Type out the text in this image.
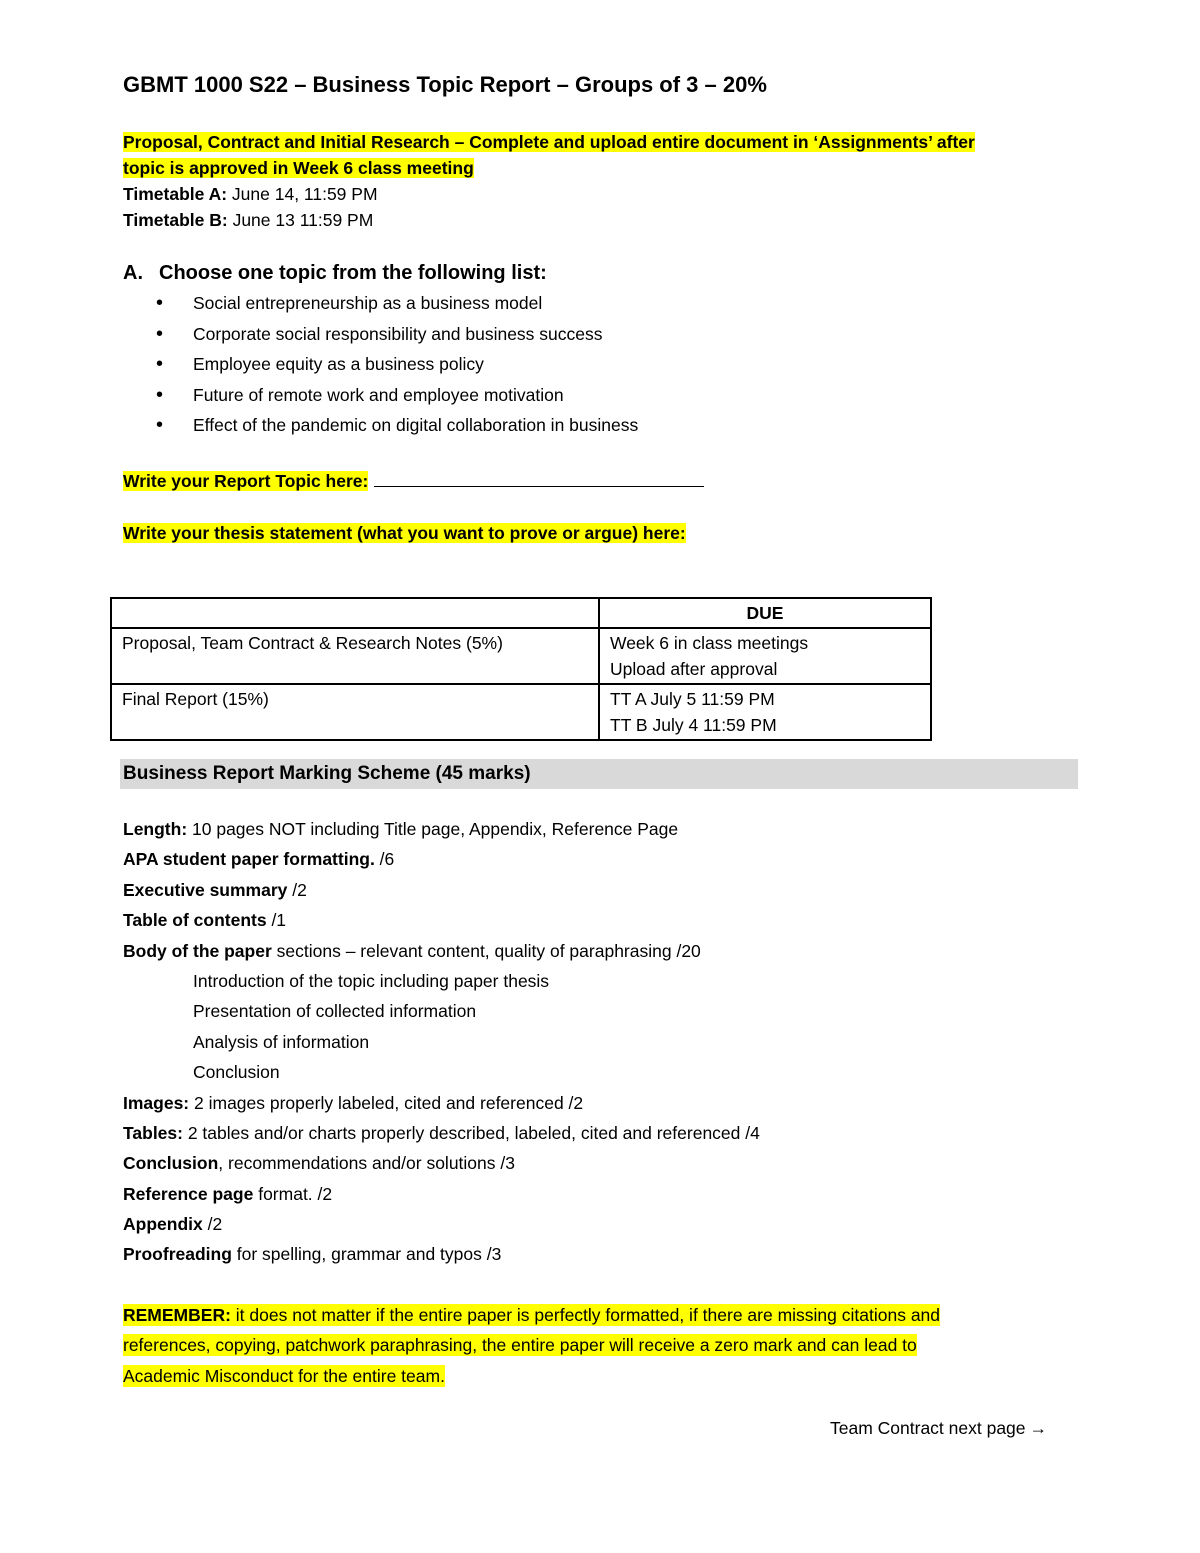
GBMT 1000 S22 – Business Topic Report – Groups of 3 – 20%
Proposal, Contract and Initial Research – Complete and upload entire document in ‘Assignments’ after
topic is approved in Week 6 class meeting
Timetable A: June 14, 11:59 PM
Timetable B: June 13 11:59 PM
A. Choose one topic from the following list:
• Social entrepreneurship as a business model
• Corporate social responsibility and business success
• Employee equity as a business policy
• Future of remote work and employee motivation
• Effect of the pandemic on digital collaboration in business
Write your Report Topic here:
Write your thesis statement (what you want to prove or argue) here:
	DUE
Proposal, Team Contract & Research Notes (5%)	Week 6 in class meetings
Upload after approval

Final Report (15%)	TT A July 5 11:59 PM
TT B July 4 11:59 PM
Business Report Marking Scheme (45 marks)
Length: 10 pages NOT including Title page, Appendix, Reference Page
APA student paper formatting. /6
Executive summary /2
Table of contents /1
Body of the paper sections – relevant content, quality of paraphrasing /20
Introduction of the topic including paper thesis
Presentation of collected information
Analysis of information
Conclusion
Images: 2 images properly labeled, cited and referenced /2
Tables: 2 tables and/or charts properly described, labeled, cited and referenced /4
Conclusion, recommendations and/or solutions /3
Reference page format. /2
Appendix /2
Proofreading for spelling, grammar and typos /3
REMEMBER: it does not matter if the entire paper is perfectly formatted, if there are missing citations and
references, copying, patchwork paraphrasing, the entire paper will receive a zero mark and can lead to
Academic Misconduct for the entire team.
Team Contract next page →
